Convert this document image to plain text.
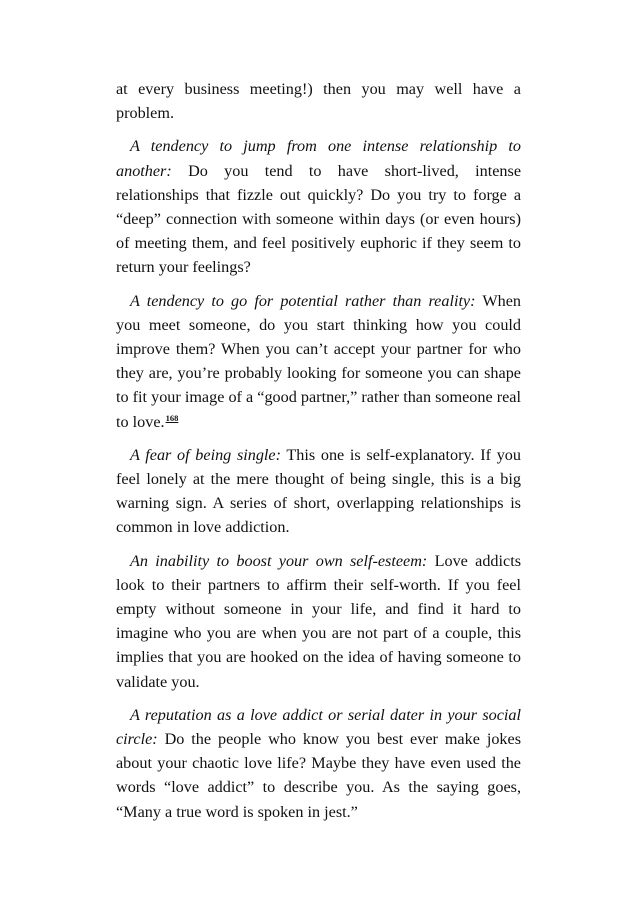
at every business meeting!) then you may well have a problem.

A tendency to jump from one intense relationship to another: Do you tend to have short-lived, intense relationships that fizzle out quickly? Do you try to forge a “deep” connection with someone within days (or even hours) of meeting them, and feel positively euphoric if they seem to return your feelings?

A tendency to go for potential rather than reality: When you meet someone, do you start thinking how you could improve them? When you can’t accept your partner for who they are, you’re probably looking for someone you can shape to fit your image of a “good partner,” rather than someone real to love.$^{168}$

A fear of being single: This one is self-explanatory. If you feel lonely at the mere thought of being single, this is a big warning sign. A series of short, overlapping relationships is common in love addiction.

An inability to boost your own self-esteem: Love addicts look to their partners to affirm their self-worth. If you feel empty without someone in your life, and find it hard to imagine who you are when you are not part of a couple, this implies that you are hooked on the idea of having someone to validate you.

A reputation as a love addict or serial dater in your social circle: Do the people who know you best ever make jokes about your chaotic love life? Maybe they have even used the words “love addict” to describe you. As the saying goes, “Many a true word is spoken in jest.”
